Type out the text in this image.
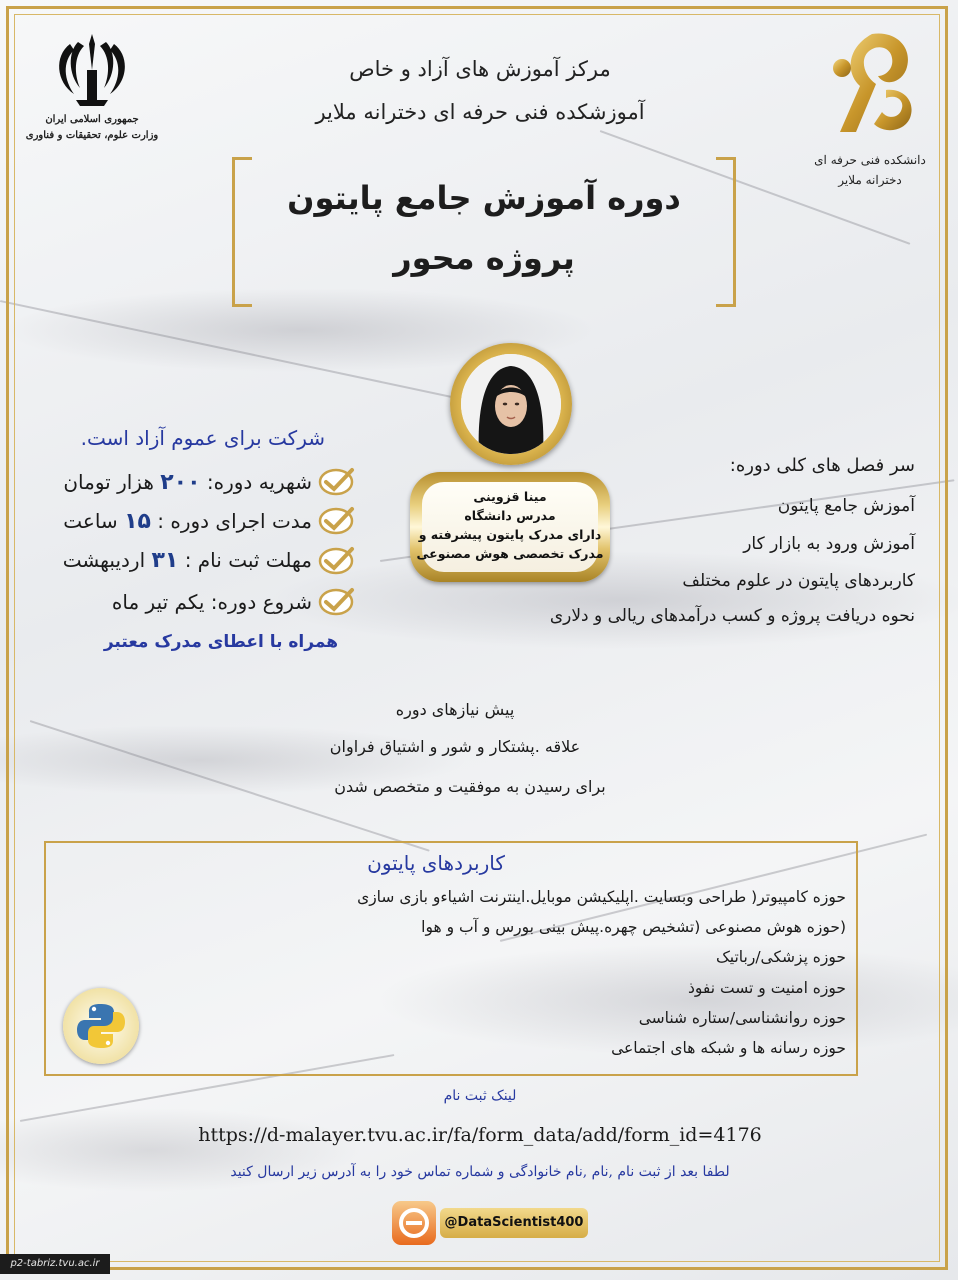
جمهوری اسلامی ایران
وزارت علوم، تحقیقات و فناوری
دانشکده فنی حرفه ای
دخترانه ملایر
مرکز آموزش های آزاد و خاص
آموزشکده فنی حرفه ای دخترانه ملایر
دوره آموزش جامع پایتون
پروژه محور
مینا قزوینی
مدرس دانشگاه
دارای مدرک پایتون پیشرفته و
مدرک تخصصی هوش مصنوعی
شرکت برای عموم آزاد است.
شهریه دوره: ۲۰۰ هزار تومان
مدت اجرای دوره : ۱۵ ساعت
مهلت ثبت نام : ۳۱ اردیبهشت
شروع دوره: یکم تیر ماه
همراه با اعطای مدرک معتبر
سر فصل های کلی دوره:
آموزش جامع پایتون
آموزش ورود به بازار کار
کاربردهای پایتون در علوم مختلف
نحوه دریافت پروژه و کسب درآمدهای ریالی و دلاری
پیش نیازهای دوره
علاقه .پشتکار و شور و اشتیاق فراوان
برای رسیدن به موفقیت و متخصص شدن
کاربردهای پایتون
حوزه کامپیوتر( طراحی وبسایت .اپلیکیشن موبایل.اینترنت اشیاءو بازی سازی
(حوزه هوش مصنوعی (تشخیص چهره.پیش بینی بورس و آب و هوا
حوزه پزشکی/رباتیک
حوزه امنیت و تست نفوذ
حوزه روانشناسی/ستاره شناسی
حوزه رسانه ها و شبکه های اجتماعی
لینک ثبت نام
https://d-malayer.tvu.ac.ir/fa/form_data/add/form_id=4176
لطفا بعد از ثبت نام ,نام ,نام خانوادگی و شماره تماس خود را به آدرس زیر ارسال کنید
@DataScientist400
p2-tabriz.tvu.ac.ir
